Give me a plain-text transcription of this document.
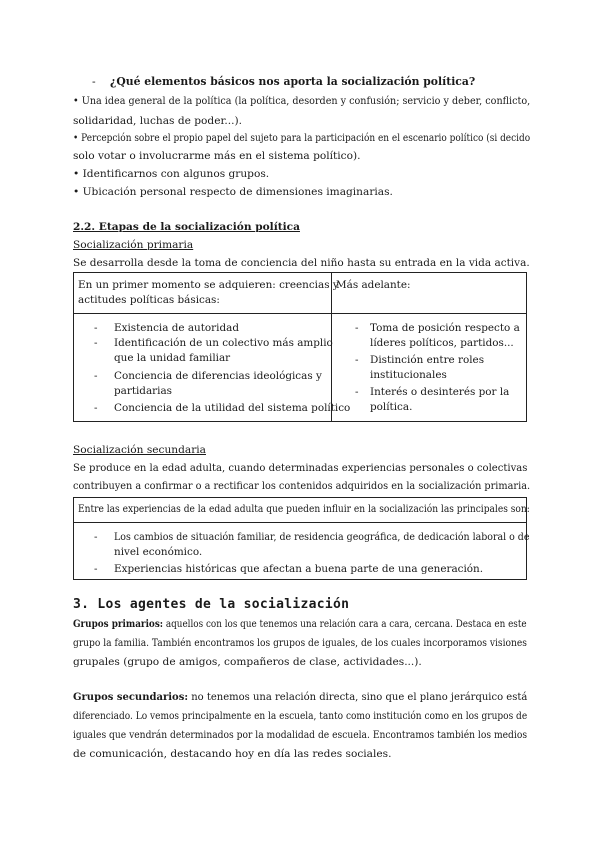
- ¿Qué elementos básicos nos aporta la socialización política?
• Una idea general de la política (la política, desorden y confusión; servicio y deber, conflicto,
solidaridad, luchas de poder...).
• Percepción sobre el propio papel del sujeto para la participación en el escenario político (si decido
solo votar o involucrarme más en el sistema político).
• Identificarnos con algunos grupos.
• Ubicación personal respecto de dimensiones imaginarias.
2.2. Etapas de la socialización política
Socialización primaria
Se desarrolla desde la toma de conciencia del niño hasta su entrada en la vida activa.
En un primer momento se adquieren: creencias y
actitudes políticas básicas:
Más adelante:
- Existencia de autoridad
- Identificación de un colectivo más amplio
que la unidad familiar
- Conciencia de diferencias ideológicas y
partidarias
- Conciencia de la utilidad del sistema político
- Toma de posición respecto a
líderes políticos, partidos...
- Distinción entre roles
institucionales
- Interés o desinterés por la
política.
Socialización secundaria
Se produce en la edad adulta, cuando determinadas experiencias personales o colectivas
contribuyen a confirmar o a rectificar los contenidos adquiridos en la socialización primaria.
Entre las experiencias de la edad adulta que pueden influir en la socialización las principales son:
- Los cambios de situación familiar, de residencia geográfica, de dedicación laboral o de
nivel económico.
- Experiencias históricas que afectan a buena parte de una generación.
3. Los agentes de la socialización
Grupos primarios: aquellos con los que tenemos una relación cara a cara, cercana. Destaca en este
grupo la familia. También encontramos los grupos de iguales, de los cuales incorporamos visiones
grupales (grupo de amigos, compañeros de clase, actividades...).
Grupos secundarios: no tenemos una relación directa, sino que el plano jerárquico está
diferenciado. Lo vemos principalmente en la escuela, tanto como institución como en los grupos de
iguales que vendrán determinados por la modalidad de escuela. Encontramos también los medios
de comunicación, destacando hoy en día las redes sociales.
